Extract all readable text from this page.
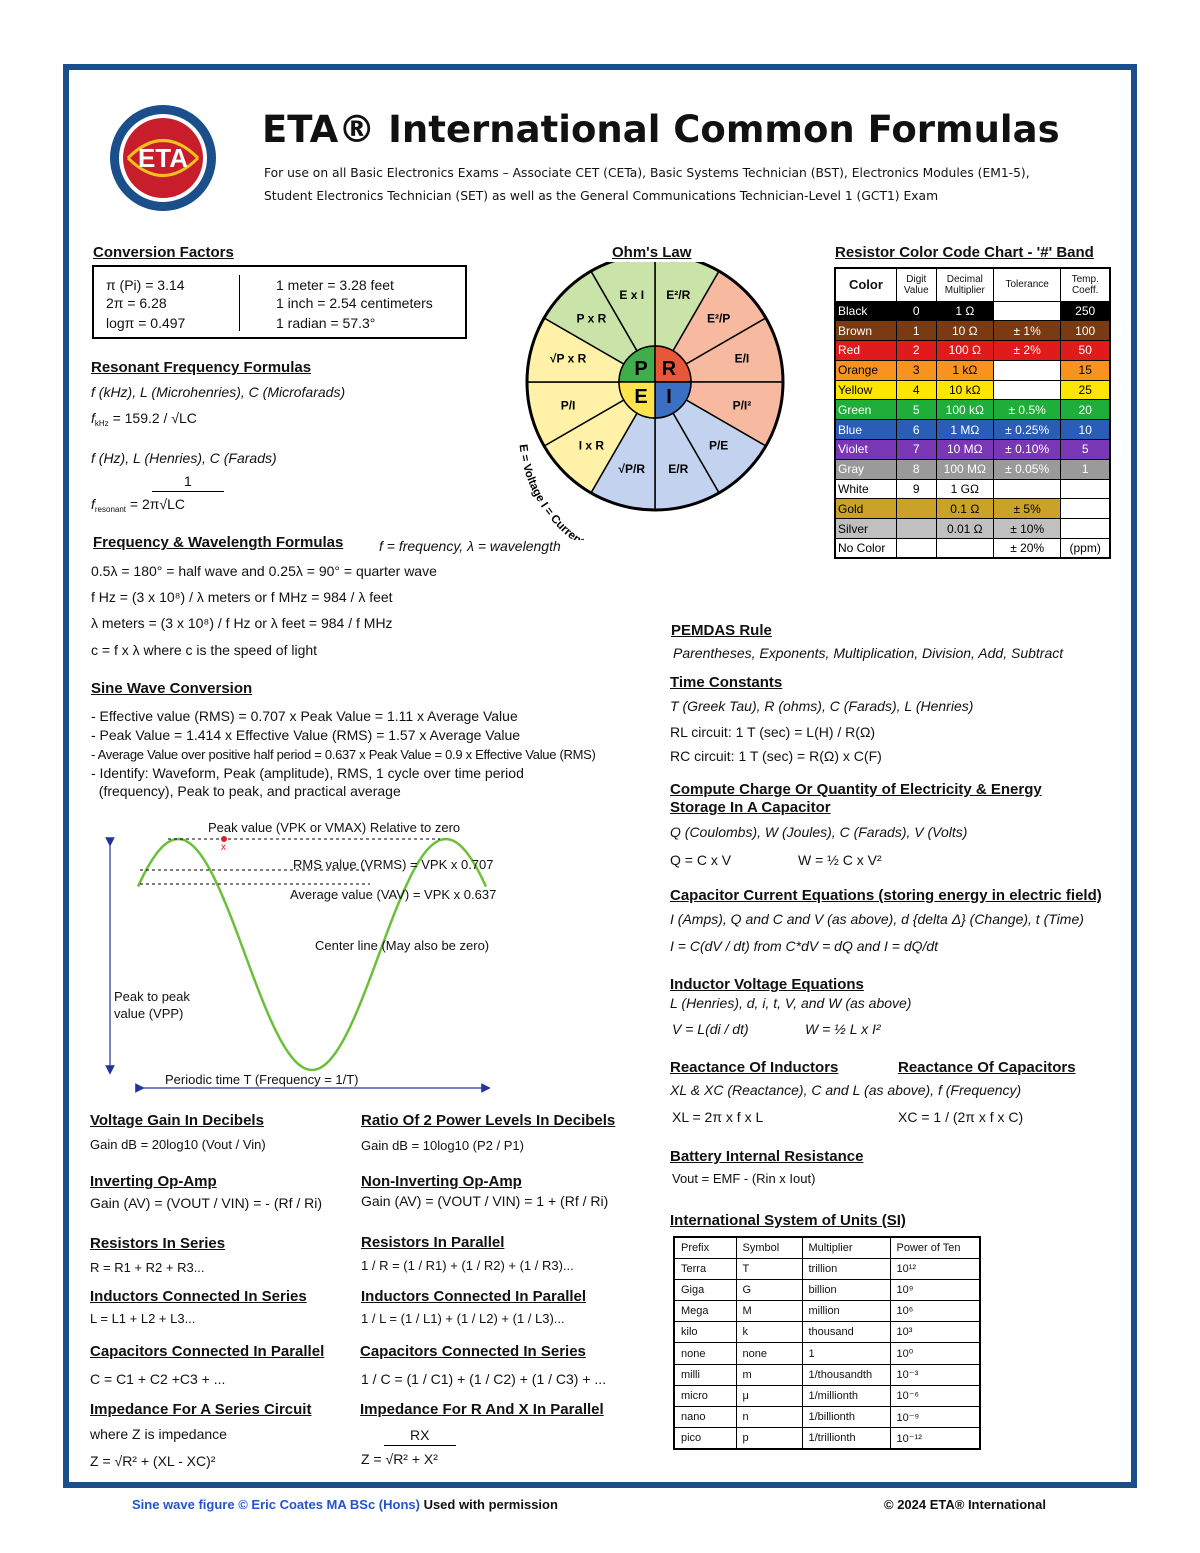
ETA
ETA® International Common Formulas
For use on all Basic Electronics Exams – Associate CET (CETa), Basic Systems Technician (BST), Electronics Modules (EM1-5),
Student Electronics Technician (SET) as well as the General Communications Technician-Level 1 (GCT1) Exam
Conversion Factors
π (Pi) = 3.14
2π = 6.28
logπ = 0.497
1 meter = 3.28 feet
1 inch = 2.54 centimeters
1 radian = 57.3°
Resonant Frequency Formulas
f (kHz), L (Microhenries), C (Microfarads)
$f_{kHz} = 159.2 / √LC$
f (Hz), L (Henries), C (Farads)
1
$f_{resonant} = 2\pi√LC$
Frequency & Wavelength Formulas	f = frequency, λ = wavelength
0.5λ = 180° = half wave and 0.25λ = 90° = quarter wave
f Hz = (3 x 10⁸) / λ meters or f MHz = 984 / λ feet
λ meters = (3 x 10⁸) / f Hz or λ feet = 984 / f MHz
c = f x λ where c is the speed of light
Sine Wave Conversion
- Effective value (RMS) = 0.707 x Peak Value = 1.11 x Average Value
- Peak Value = 1.414 x Effective Value (RMS) = 1.57 x Average Value
- Average Value over positive half period = 0.637 x Peak Value = 0.9 x Effective Value (RMS)
- Identify: Waveform, Peak (amplitude), RMS, 1 cycle over time period
(frequency), Peak to peak, and practical average
x
Peak value (VPK or VMAX) Relative to zero
RMS value (VRMS) = VPK x 0.707
Average value (VAV) = VPK x 0.637
Center line (May also be zero)
Peak to peak
value (VPP)
Periodic time T (Frequency = 1/T)
Ohm's Law
E²/R
E²/P
E/I
P/I²
P/E
E/R
√P/R
I x R
P/I
√P x R
P x R
E x I
P R
I
E
E = Voltage I = Curren
Resistor Color Code Chart - '#' Band
Color	Digit Value	Decimal Multiplier	Tolerance	Temp. Coeff.
Black	0	1 Ω		250
Brown	1	10 Ω	± 1%	100
Red	2	100 Ω	± 2%	50
Orange	3	1 kΩ		15
Yellow	4	10 kΩ		25
Green	5	100 kΩ	± 0.5%	20
Blue	6	1 MΩ	± 0.25%	10
Violet	7	10 MΩ	± 0.10%	5
Gray	8	100 MΩ	± 0.05%	1
White	9	1 GΩ		
Gold		0.1 Ω	± 5%	
Silver		0.01 Ω	± 10%	
No Color			± 20%	(ppm)
PEMDAS Rule
Parentheses, Exponents, Multiplication, Division, Add, Subtract
Time Constants
T (Greek Tau), R (ohms), C (Farads), L (Henries)
RL circuit: 1 T (sec) = L(H) / R(Ω)
RC circuit: 1 T (sec) = R(Ω) x C(F)
Compute Charge Or Quantity of Electricity & Energy
Storage In A Capacitor
Q (Coulombs), W (Joules), C (Farads), V (Volts)
Q = C x V	W = ½ C x V²
Capacitor Current Equations (storing energy in electric field)
I (Amps), Q and C and V (as above), d {delta Δ} (Change), t (Time)
I = C(dV / dt) from C*dV = dQ and I = dQ/dt
Inductor Voltage Equations
L (Henries), d, i, t, V, and W (as above)
V = L(di / dt)	W = ½ L x I²
Reactance Of Inductors	Reactance Of Capacitors
XL & XC (Reactance), C and L (as above), f (Frequency)
XL = 2π x f x L	XC = 1 / (2π x f x C)
Battery Internal Resistance
Vout = EMF - (Rin x Iout)
International System of Units (SI)
Prefix	Symbol	Multiplier	Power of Ten
Terra	T	trillion	10¹²
Giga	G	billion	10⁹
Mega	M	million	10⁶
kilo	k	thousand	10³
none	none	1	10⁰
milli	m	1/thousandth	10⁻³
micro	μ	1/millionth	10⁻⁶
nano	n	1/billionth	10⁻⁹
pico	p	1/trillionth	10⁻¹²
Voltage Gain In Decibels
Gain dB = 20log10 (Vout / Vin)
Ratio Of 2 Power Levels In Decibels
Gain dB = 10log10 (P2 / P1)
Inverting Op-Amp
Gain (AV) = (VOUT / VIN) = - (Rf / Ri)
Non-Inverting Op-Amp
Gain (AV) = (VOUT / VIN) = 1 + (Rf / Ri)
Resistors In Series
R = R1 + R2 + R3...
Resistors In Parallel
1 / R = (1 / R1) + (1 / R2) + (1 / R3)...
Inductors Connected In Series
L = L1 + L2 + L3...
Inductors Connected In Parallel
1 / L = (1 / L1) + (1 / L2) + (1 / L3)...
Capacitors Connected In Parallel
C = C1 + C2 +C3 + ...
Capacitors Connected In Series
1 / C = (1 / C1) + (1 / C2) + (1 / C3) + ...
Impedance For A Series Circuit
where Z is impedance
Z = √R² + (XL - XC)²
Impedance For R And X In Parallel
RX
Z = √R² + X²
Sine wave figure © Eric Coates MA BSc (Hons) Used with permission	© 2024 ETA® International
